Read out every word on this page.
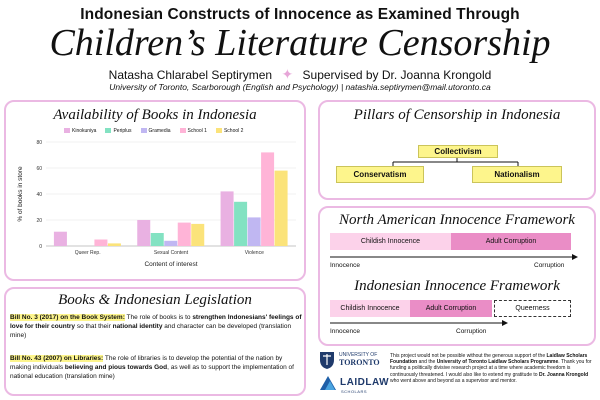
Indonesian Constructs of Innocence as Examined Through
Children’s Literature Censorship
Natasha Chlarabel Septirymen ✦ Supervised by Dr. Joanna Krongold
University of Toronto, Scarborough (English and Psychology) | natashia.septirymen@mail.utoronto.ca
Availability of Books in Indonesia
Kinokuniya	Periplus	Gramedia	School 1	School 2
0
20
40
60
80
% of books in store
Queer Rep.	Sexual Content	Violence
Content of interest
Pillars of Censorship in Indonesia
Collectivism
Conservatism	Nationalism
North American Innocence Framework
Indonesian Innocence Framework
Childish Innocence	Adult Corruption
Innocence	Corruption
Childish Innocence	Adult Corruption	Queerness
Innocence	Corruption
Books & Indonesian Legislation
Bill No. 3 (2017) on the Book System: The role of books is to strengthen Indonesians' feelings of love for their country so that their national identity and character can be developed (translation mine)
Bill No. 43 (2007) on Libraries: The role of libraries is to develop the potential of the nation by making individuals believing and pious towards God, as well as to support the implementation of national education (translation mine)
UNIVERSITY OF
TORONTO
LAIDLAW
SCHOLARS
This project would not be possible without the generous support of the Laidlaw Scholars Foundation and the University of Toronto Laidlaw Scholars Programme. Thank you for funding a politically divisive research project at a time where academic freedom is continuously threatened. I would also like to extend my gratitude to Dr. Joanna Krongold who went above and beyond as a supervisor and mentor.
